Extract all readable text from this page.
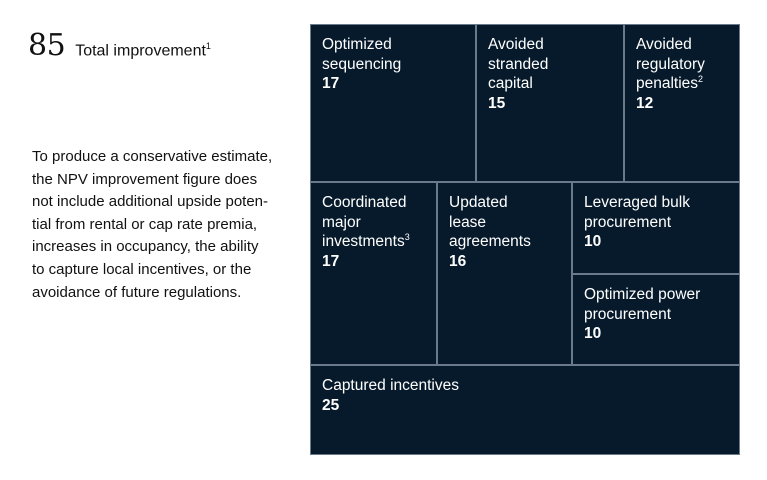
85 Total improvement$^1$
To produce a conservative estimate,
the NPV improvement figure does
not include additional upside poten-
tial from rental or cap rate premia,
increases in occupancy, the ability
to capture local incentives, or the
avoidance of future regulations.
Optimized
sequencing
17
Avoided
stranded
capital
15
Avoided
regulatory
penalties$^2$
12
Coordinated
major
investments$^3$
17
Updated
lease
agreements
16
Leveraged bulk
procurement
10
Optimized power
procurement
10
Captured incentives
25
